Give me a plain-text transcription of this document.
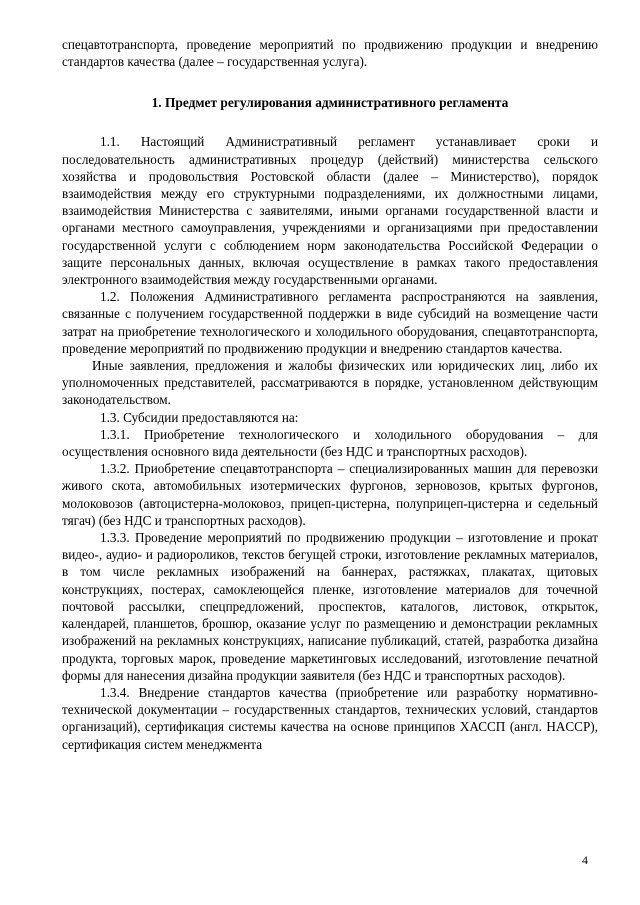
спецавтотранспорта, проведение мероприятий по продвижению продукции и внедрению стандартов качества (далее – государственная услуга).

1. Предмет регулирования административного регламента

1.1. Настоящий Административный регламент устанавливает сроки и последовательность административных процедур (действий) министерства сельского хозяйства и продовольствия Ростовской области (далее – Министерство), порядок взаимодействия между его структурными подразделениями, их должностными лицами, взаимодействия Министерства с заявителями, иными органами государственной власти и органами местного самоуправления, учреждениями и организациями при предоставлении государственной услуги с соблюдением норм законодательства Российской Федерации о защите персональных данных, включая осуществление в рамках такого предоставления электронного взаимодействия между государственными органами.

1.2. Положения Административного регламента распространяются на заявления, связанные с получением государственной поддержки в виде субсидий на возмещение части затрат на приобретение технологического и холодильного оборудования, спецавтотранспорта, проведение мероприятий по продвижению продукции и внедрению стандартов качества.

Иные заявления, предложения и жалобы физических или юридических лиц, либо их уполномоченных представителей, рассматриваются в порядке, установленном действующим законодательством.

1.3. Субсидии предоставляются на:

1.3.1. Приобретение технологического и холодильного оборудования – для осуществления основного вида деятельности (без НДС и транспортных расходов).

1.3.2. Приобретение спецавтотранспорта – специализированных машин для перевозки живого скота, автомобильных изотермических фургонов, зерновозов, крытых фургонов, молоковозов (автоцистерна-молоковоз, прицеп-цистерна, полуприцеп-цистерна и седельный тягач) (без НДС и транспортных расходов).

1.3.3. Проведение мероприятий по продвижению продукции – изготовление и прокат видео-, аудио- и радиороликов, текстов бегущей строки, изготовление рекламных материалов, в том числе рекламных изображений на баннерах, растяжках, плакатах, щитовых конструкциях, постерах, самоклеющейся пленке, изготовление материалов для точечной почтовой рассылки, спецпредложений, проспектов, каталогов, листовок, открыток, календарей, планшетов, брошюр, оказание услуг по размещению и демонстрации рекламных изображений на рекламных конструкциях, написание публикаций, статей, разработка дизайна продукта, торговых марок, проведение маркетинговых исследований, изготовление печатной формы для нанесения дизайна продукции заявителя (без НДС и транспортных расходов).

1.3.4. Внедрение стандартов качества (приобретение или разработку нормативно-технической документации – государственных стандартов, технических условий, стандартов организаций), сертификация системы качества на основе принципов ХАССП (англ. HACCP), сертификация систем менеджмента

4
